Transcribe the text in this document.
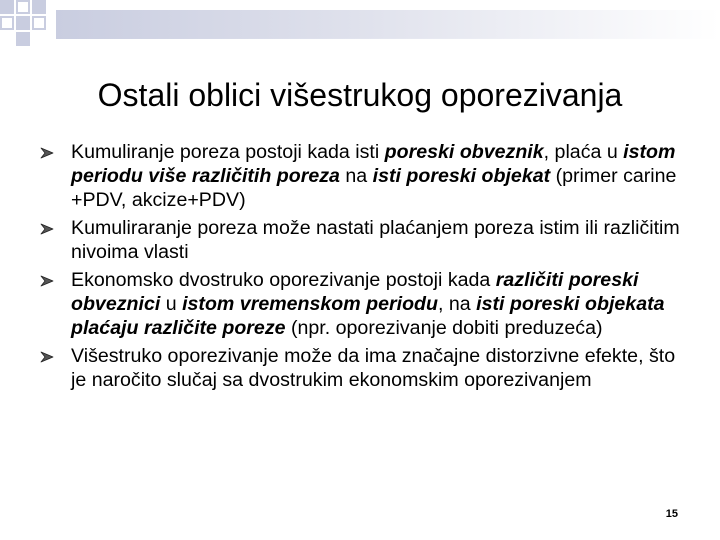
Ostali oblici višestrukog oporezivanja
Kumuliranje poreza postoji kada isti poreski obveznik, plaća u istom periodu više različitih poreza na isti poreski objekat (primer carine +PDV, akcize+PDV)
Kumuliraranje poreza može nastati plaćanjem poreza istim ili različitim nivoima vlasti
Ekonomsko dvostruko oporezivanje postoji kada različiti poreski obveznici u istom vremenskom periodu, na isti poreski objekata plaćaju različite poreze (npr. oporezivanje dobiti preduzeća)
Višestruko oporezivanje može da ima značajne distorzivne efekte, što je naročito slučaj sa dvostrukim ekonomskim oporezivanjem
15
